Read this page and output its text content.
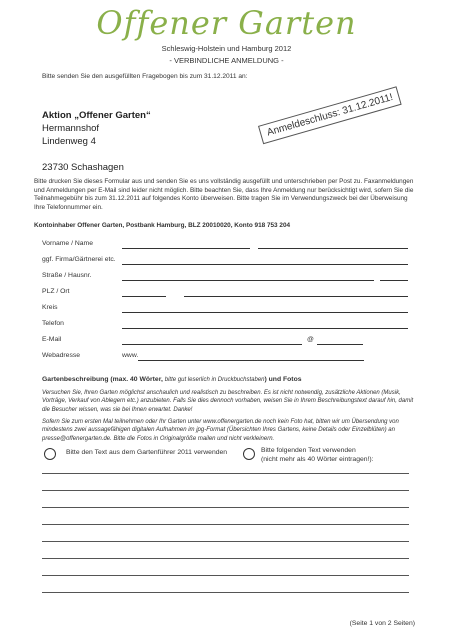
Offener Garten
Schleswig-Holstein und Hamburg 2012
- VERBINDLICHE ANMELDUNG -
Bitte senden Sie den ausgefüllten Fragebogen bis zum 31.12.2011 an:
Aktion „Offener Garten“
Hermannshof
Lindenweg 4
23730 Schashagen
Anmeldeschluss: 31.12.2011!
Bitte drucken Sie dieses Formular aus und senden Sie es uns vollständig ausgefüllt und unterschrieben per Post zu. Faxanmeldungen und Anmeldungen per E-Mail sind leider nicht möglich. Bitte beachten Sie, dass Ihre Anmeldung nur berücksichtigt wird, sofern Sie die Teilnahmegebühr bis zum 31.12.2011 auf folgendes Konto überweisen. Bitte tragen Sie im Verwendungszweck bei der Überweisung Ihre Telefonnummer ein.
Kontoinhaber Offener Garten, Postbank Hamburg, BLZ 20010020, Konto 918 753 204
Vorname / Name
ggf. Firma/Gärtnerei etc.
Straße / Hausnr.
PLZ / Ort
Kreis
Telefon
E-Mail	@
Webadresse	www.
Gartenbeschreibung (max. 40 Wörter, bitte gut leserlich in Druckbuchstaben) und Fotos
Versuchen Sie, Ihren Garten möglichst anschaulich und realistisch zu beschreiben. Es ist nicht notwendig, zusätzliche Aktionen (Musik, Vorträge, Verkauf von Ablegern etc.) anzubieten. Falls Sie dies dennoch vorhaben, weisen Sie in Ihrem Beschreibungstext darauf hin, damit die Besucher wissen, was sie bei Ihnen erwartet. Danke!
Sofern Sie zum ersten Mal teilnehmen oder Ihr Garten unter www.offenergarten.de noch kein Foto hat, bitten wir um Übersendung von mindestens zwei aussagefähigen digitalen Aufnahmen im jpg-Format (Übersichten Ihres Gartens, keine Details oder Einzelblüten) an presse@offenergarten.de. Bitte die Fotos in Originalgröße mailen und nicht verkleinern.
Bitte den Text aus dem Gartenführer 2011 verwenden	Bitte folgenden Text verwenden
(nicht mehr als 40 Wörter eintragen!):
(Seite 1 von 2 Seiten)
